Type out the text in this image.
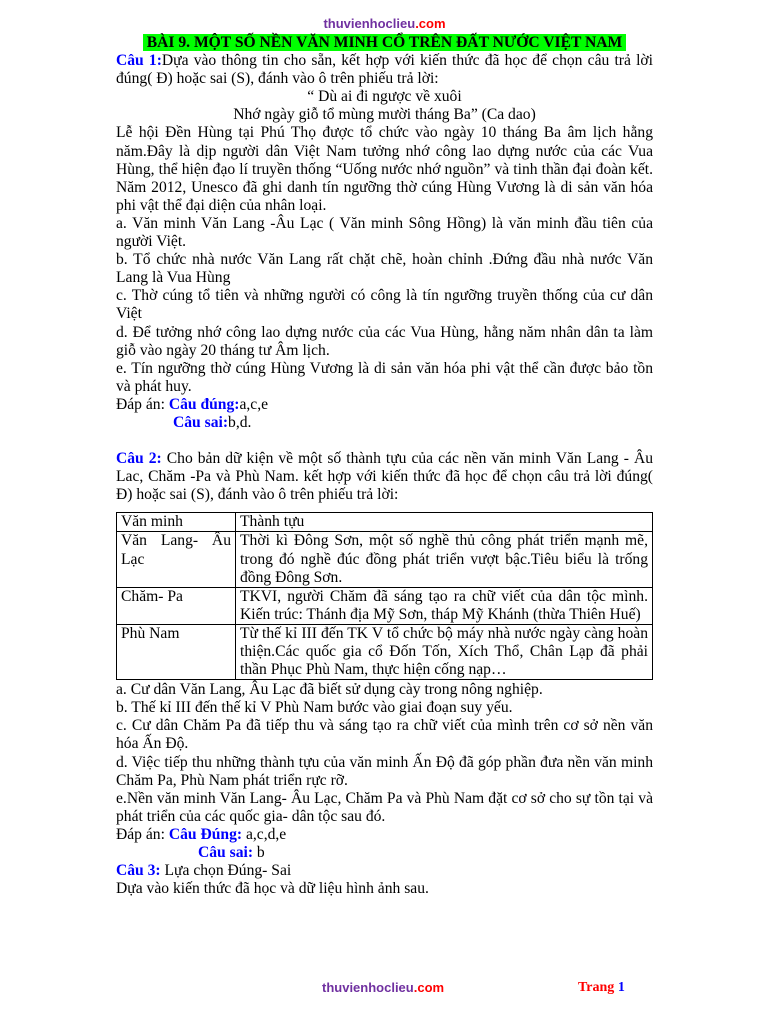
thuvienhoclieu.com
BÀI 9. MỘT SỐ NỀN VĂN MINH CỔ TRÊN ĐẤT NƯỚC VIỆT NAM

Câu 1:Dựa vào thông tin cho sẵn, kết hợp với kiến thức đã học để chọn câu trả lời đúng( Đ) hoặc sai (S), đánh vào ô trên phiếu trả lời:

“ Dù ai đi ngược về xuôi

Nhớ ngày giỗ tổ mùng mười tháng Ba” (Ca dao)

Lễ hội Đền Hùng tại Phú Thọ được tổ chức vào ngày 10 tháng Ba âm lịch hằng năm.Đây là dịp người dân Việt Nam tưởng nhớ công lao dựng nước của các Vua Hùng, thể hiện đạo lí truyền thống “Uống nước nhớ nguồn” và tinh thần đại đoàn kết. Năm 2012, Unesco đã ghi danh tín ngưỡng thờ cúng Hùng Vương là di sản văn hóa phi vật thể đại diện của nhân loại.

a. Văn minh Văn Lang -Âu Lạc ( Văn minh Sông Hồng) là văn minh đầu tiên của người Việt.

b. Tổ chức nhà nước Văn Lang rất chặt chẽ, hoàn chỉnh .Đứng đầu nhà nước Văn Lang là Vua Hùng

c. Thờ cúng tổ tiên và những người có công là tín ngưỡng truyền thống của cư dân Việt

d. Để tưởng nhớ công lao dựng nước của các Vua Hùng, hằng năm nhân dân ta làm giỗ vào ngày 20 tháng tư Âm lịch.

e. Tín ngưỡng thờ cúng Hùng Vương là di sản văn hóa phi vật thể cần được bảo tồn và phát huy.

Đáp án: Câu đúng:a,c,e

Câu sai:b,d.

Câu 2: Cho bản dữ kiện về một số thành tựu của các nền văn minh Văn Lang - Âu Lac, Chăm -Pa và Phù Nam. kết hợp với kiến thức đã học để chọn câu trả lời đúng( Đ) hoặc sai (S), đánh vào ô trên phiếu trả lời:

Văn minh	Thành tựu
Văn Lang- Âu Lạc	Thời kì Đông Sơn, một số nghề thủ công phát triển mạnh mẽ, trong đó nghề đúc đồng phát triển vượt bậc.Tiêu biểu là trống đồng Đông Sơn.
Chăm- Pa	TKVI, người Chăm đã sáng tạo ra chữ viết của dân tộc mình. Kiến trúc: Thánh địa Mỹ Sơn, tháp Mỹ Khánh (thừa Thiên Huế)
Phù Nam	Từ thế kỉ III đến TK V tổ chức bộ máy nhà nước ngày càng hoàn thiện.Các quốc gia cổ Đốn Tốn, Xích Thổ, Chân Lạp đã phải thần Phục Phù Nam, thực hiện cống nạp…

a. Cư dân Văn Lang, Âu Lạc đã biết sử dụng cày trong nông nghiệp.

b. Thế kỉ III đến thế kỉ V Phù Nam bước vào giai đoạn suy yếu.

c. Cư dân Chăm Pa đã tiếp thu và sáng tạo ra chữ viết của mình trên cơ sở nền văn hóa Ấn Độ.

d. Việc tiếp thu những thành tựu của văn minh Ấn Độ đã góp phần đưa nền văn minh Chăm Pa, Phù Nam phát triển rực rỡ.

e.Nền văn minh Văn Lang- Âu Lạc, Chăm Pa và Phù Nam đặt cơ sở cho sự tồn tại và phát triển của các quốc gia- dân tộc sau đó.

Đáp án: Câu Đúng: a,c,d,e

Câu sai: b

Câu 3: Lựa chọn Đúng- Sai

Dựa vào kiến thức đã học và dữ liệu hình ảnh sau.

thuvienhoclieu.com	Trang 1
